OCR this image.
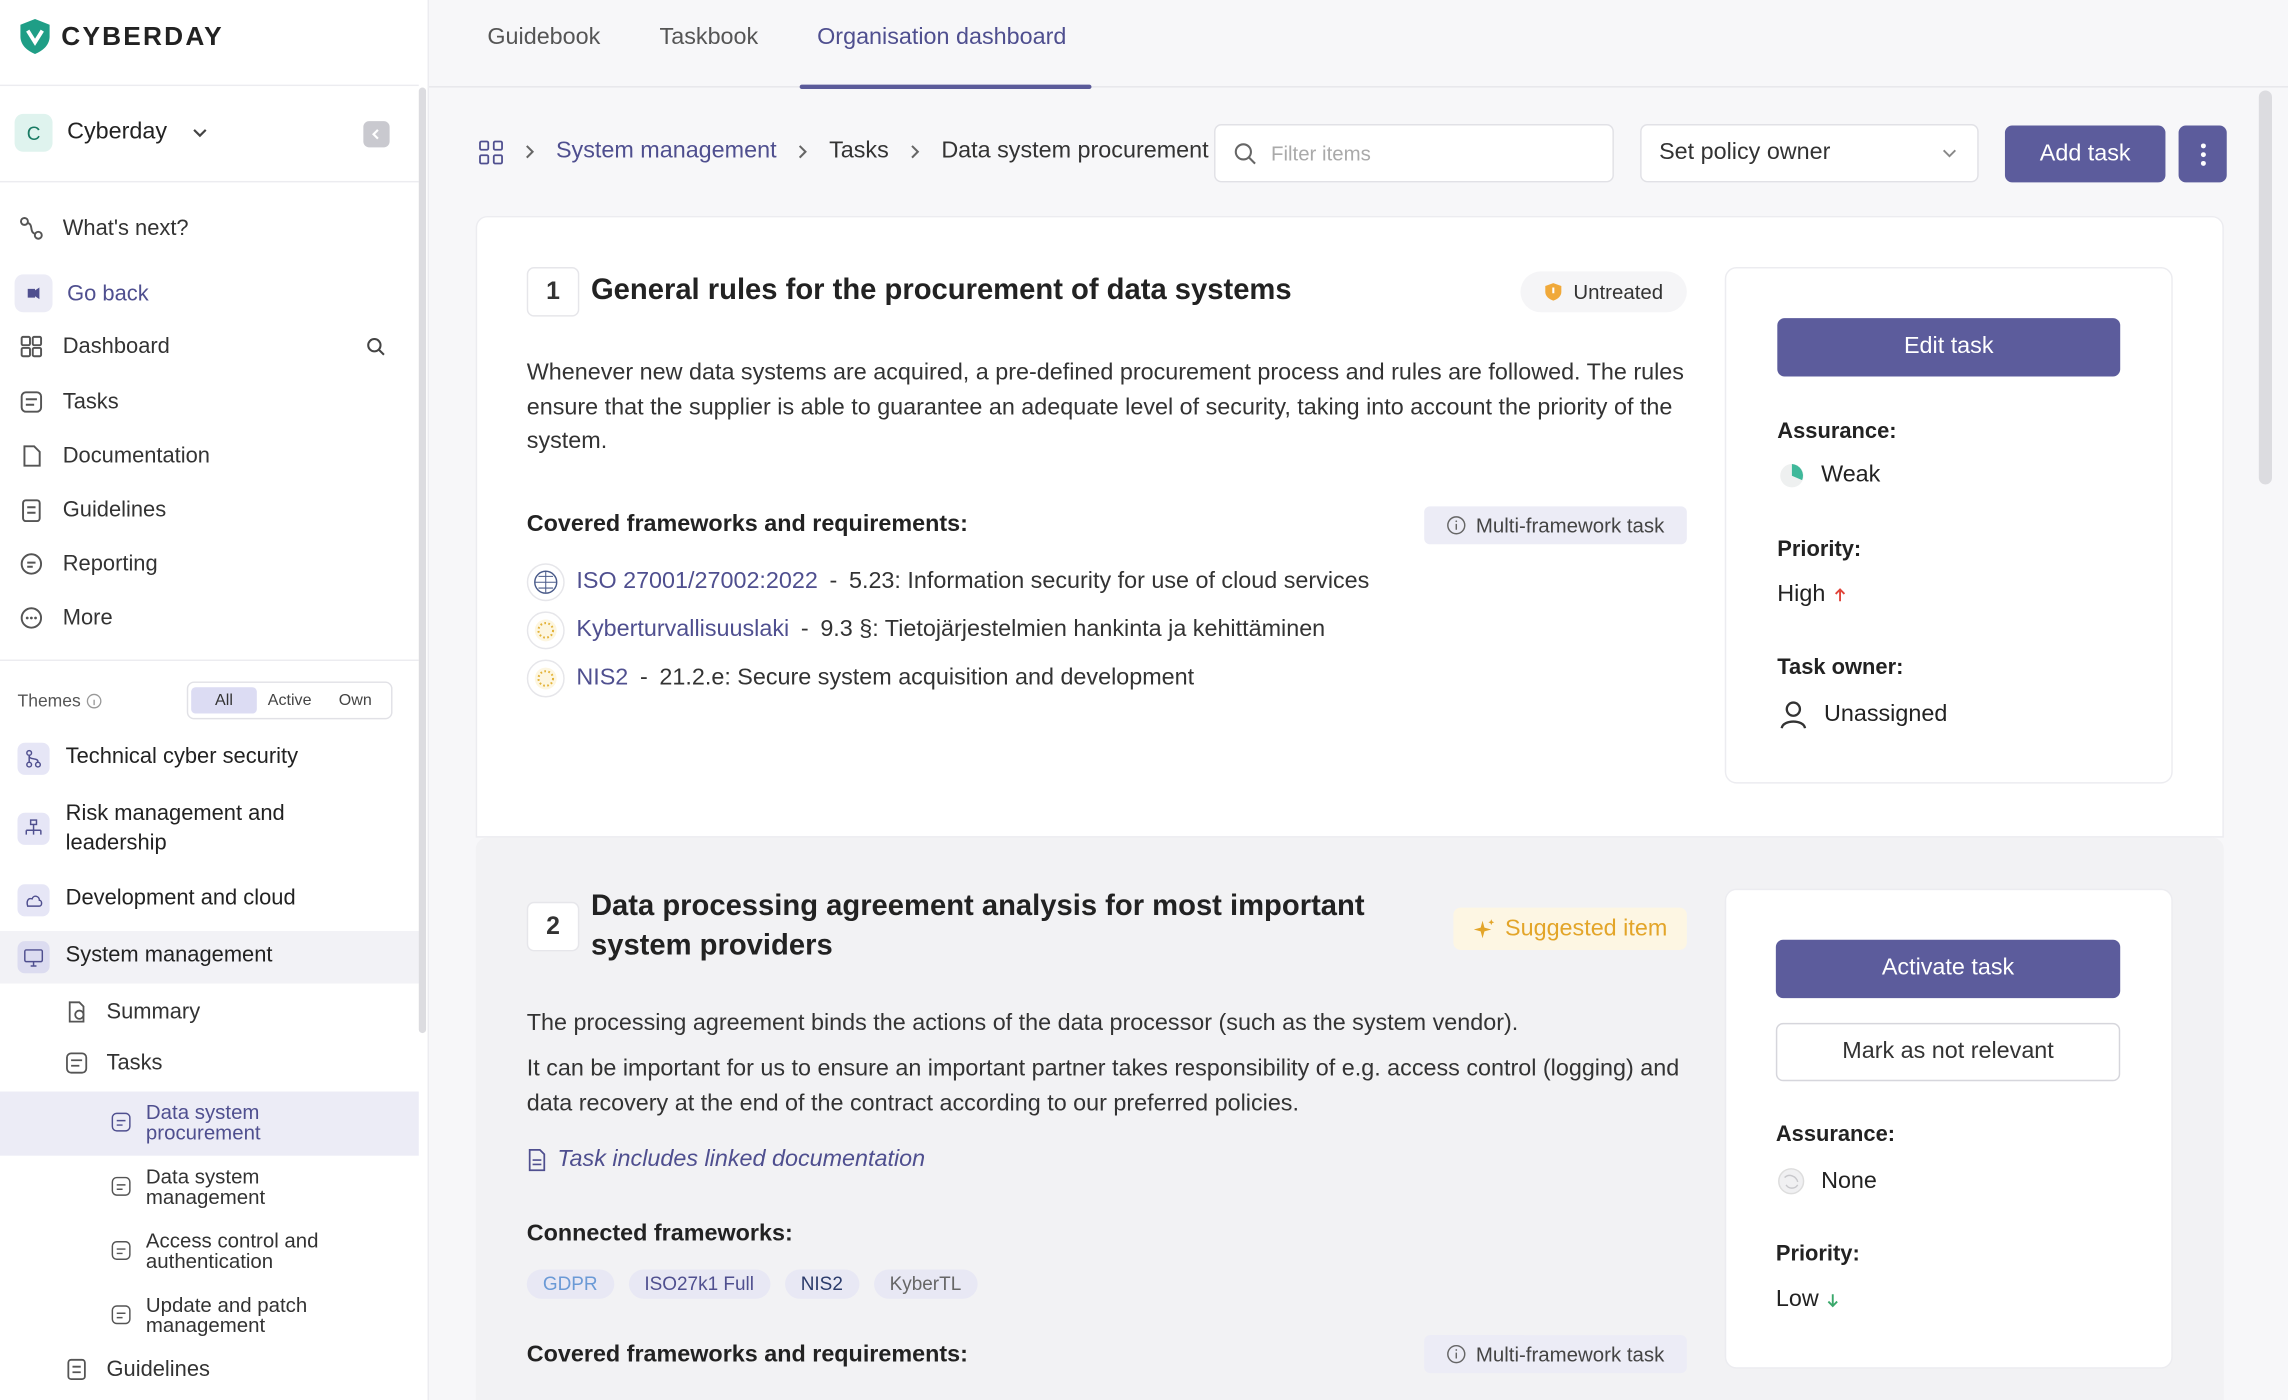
CYBERDAY
C	Cyberday
What's next?
Go back
Dashboard
Tasks
Documentation
Guidelines
Reporting
More
Themes	All	Active	Own
Technical cyber security
Risk management and leadership
Development and cloud
System management
Summary
Tasks
Data system procurement
Data system management
Access control and authentication
Update and patch management
Guidelines
Guidebook	Taskbook	Organisation dashboard
System management	Tasks	Data system procurement
Filter items	Set policy owner	Add task
1	General rules for the procurement of data systems	Untreated

Whenever new data systems are acquired, a pre-defined procurement process and rules are followed. The rules ensure that the supplier is able to guarantee an adequate level of security, taking into account the priority of the system.

Covered frameworks and requirements:	Multi-framework task
ISO 27001/27002:2022 - 5.23: Information security for use of cloud services
Kyberturvallisuuslaki - 9.3 §: Tietojärjestelmien hankinta ja kehittäminen
NIS2 - 21.2.e: Secure system acquisition and development
Edit task
Assurance:
Weak
Priority:
High
Task owner:
Unassigned
2
Data processing agreement analysis for most important
system providers
Suggested item

The processing agreement binds the actions of the data processor (such as the system vendor).

It can be important for us to ensure an important partner takes responsibility of e.g. access control (logging) and data recovery at the end of the contract according to our preferred policies.

Task includes linked documentation
Connected frameworks:
GDPR	ISO27k1 Full	NIS2	KyberTL
Covered frameworks and requirements:	Multi-framework task
Activate task
Mark as not relevant
Assurance:
None
Priority:
Low
